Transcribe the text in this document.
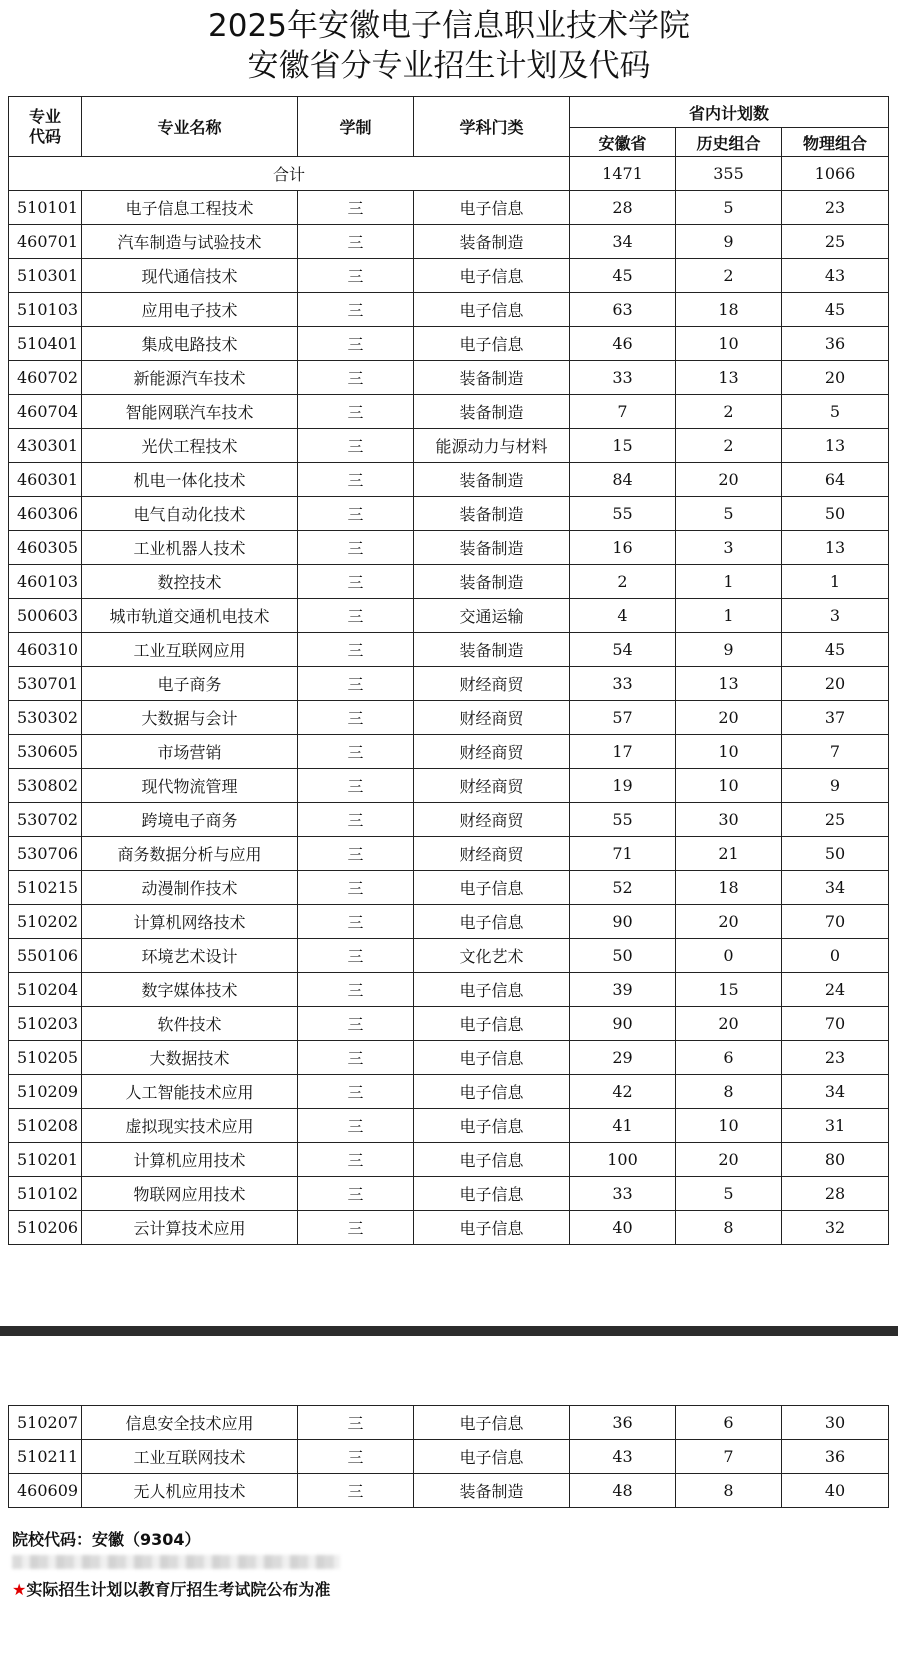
2025年安徽电子信息职业技术学院
安徽省分专业招生计划及代码
专业
代码	专业名称	学制	学科门类	省内计划数		
				安徽省	历史组合	物理组合
合计				1471	355	1066
510101	电子信息工程技术	三	电子信息	28	5	23
460701	汽车制造与试验技术	三	装备制造	34	9	25
510301	现代通信技术	三	电子信息	45	2	43
510103	应用电子技术	三	电子信息	63	18	45
510401	集成电路技术	三	电子信息	46	10	36
460702	新能源汽车技术	三	装备制造	33	13	20
460704	智能网联汽车技术	三	装备制造	7	2	5
430301	光伏工程技术	三	能源动力与材料	15	2	13
460301	机电一体化技术	三	装备制造	84	20	64
460306	电气自动化技术	三	装备制造	55	5	50
460305	工业机器人技术	三	装备制造	16	3	13
460103	数控技术	三	装备制造	2	1	1
500603	城市轨道交通机电技术	三	交通运输	4	1	3
460310	工业互联网应用	三	装备制造	54	9	45
530701	电子商务	三	财经商贸	33	13	20
530302	大数据与会计	三	财经商贸	57	20	37
530605	市场营销	三	财经商贸	17	10	7
530802	现代物流管理	三	财经商贸	19	10	9
530702	跨境电子商务	三	财经商贸	55	30	25
530706	商务数据分析与应用	三	财经商贸	71	21	50
510215	动漫制作技术	三	电子信息	52	18	34
510202	计算机网络技术	三	电子信息	90	20	70
550106	环境艺术设计	三	文化艺术	50	0	0
510204	数字媒体技术	三	电子信息	39	15	24
510203	软件技术	三	电子信息	90	20	70
510205	大数据技术	三	电子信息	29	6	23
510209	人工智能技术应用	三	电子信息	42	8	34
510208	虚拟现实技术应用	三	电子信息	41	10	31
510201	计算机应用技术	三	电子信息	100	20	80
510102	物联网应用技术	三	电子信息	33	5	28
510206	云计算技术应用	三	电子信息	40	8	32
510207	信息安全技术应用	三	电子信息	36	6	30
510211	工业互联网技术	三	电子信息	43	7	36
460609	无人机应用技术	三	装备制造	48	8	40
院校代码：安徽（9304）
★实际招生计划以教育厅招生考试院公布为准
